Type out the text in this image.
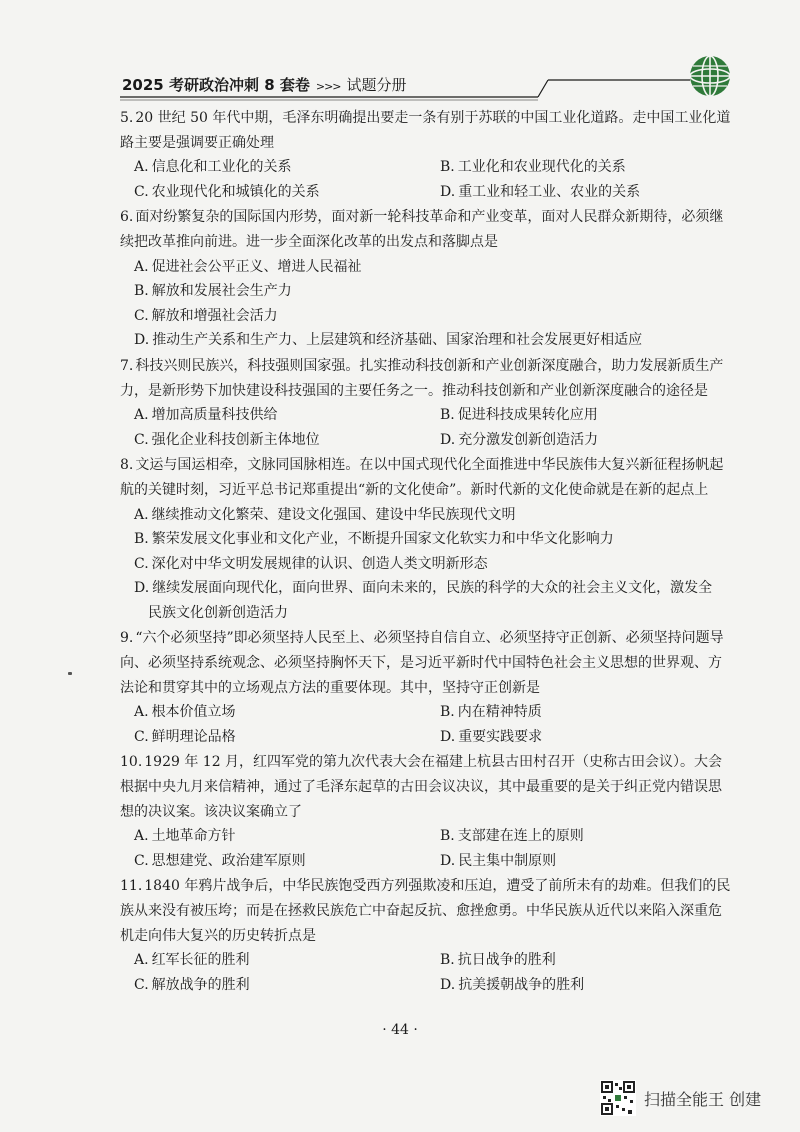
2025 考研政治冲刺 8 套卷 >>> 试题分册
5. 20 世纪 50 年代中期，毛泽东明确提出要走一条有别于苏联的中国工业化道路。走中国工业化道路主要是强调要正确处理
A. 信息化和工业化的关系	B. 工业化和农业现代化的关系
C. 农业现代化和城镇化的关系	D. 重工业和轻工业、农业的关系
6. 面对纷繁复杂的国际国内形势，面对新一轮科技革命和产业变革，面对人民群众新期待，必须继续把改革推向前进。进一步全面深化改革的出发点和落脚点是
A. 促进社会公平正义、增进人民福祉
B. 解放和发展社会生产力
C. 解放和增强社会活力
D. 推动生产关系和生产力、上层建筑和经济基础、国家治理和社会发展更好相适应
7. 科技兴则民族兴，科技强则国家强。扎实推动科技创新和产业创新深度融合，助力发展新质生产力，是新形势下加快建设科技强国的主要任务之一。推动科技创新和产业创新深度融合的途径是
A. 增加高质量科技供给	B. 促进科技成果转化应用
C. 强化企业科技创新主体地位	D. 充分激发创新创造活力
8. 文运与国运相牵，文脉同国脉相连。在以中国式现代化全面推进中华民族伟大复兴新征程扬帆起航的关键时刻，习近平总书记郑重提出“新的文化使命”。新时代新的文化使命就是在新的起点上
A. 继续推动文化繁荣、建设文化强国、建设中华民族现代文明
B. 繁荣发展文化事业和文化产业，不断提升国家文化软实力和中华文化影响力
C. 深化对中华文明发展规律的认识、创造人类文明新形态
D. 继续发展面向现代化，面向世界、面向未来的，民族的科学的大众的社会主义文化，激发全
民族文化创新创造活力
9. “六个必须坚持”即必须坚持人民至上、必须坚持自信自立、必须坚持守正创新、必须坚持问题导向、必须坚持系统观念、必须坚持胸怀天下，是习近平新时代中国特色社会主义思想的世界观、方法论和贯穿其中的立场观点方法的重要体现。其中，坚持守正创新是
A. 根本价值立场	B. 内在精神特质
C. 鲜明理论品格	D. 重要实践要求
10. 1929 年 12 月，红四军党的第九次代表大会在福建上杭县古田村召开（史称古田会议）。大会根据中央九月来信精神，通过了毛泽东起草的古田会议决议，其中最重要的是关于纠正党内错误思想的决议案。该决议案确立了
A. 土地革命方针	B. 支部建在连上的原则
C. 思想建党、政治建军原则	D. 民主集中制原则
11. 1840 年鸦片战争后，中华民族饱受西方列强欺凌和压迫，遭受了前所未有的劫难。但我们的民族从来没有被压垮；而是在拯救民族危亡中奋起反抗、愈挫愈勇。中华民族从近代以来陷入深重危机走向伟大复兴的历史转折点是
A. 红军长征的胜利	B. 抗日战争的胜利
C. 解放战争的胜利	D. 抗美援朝战争的胜利
· 44 ·
扫描全能王 创建
